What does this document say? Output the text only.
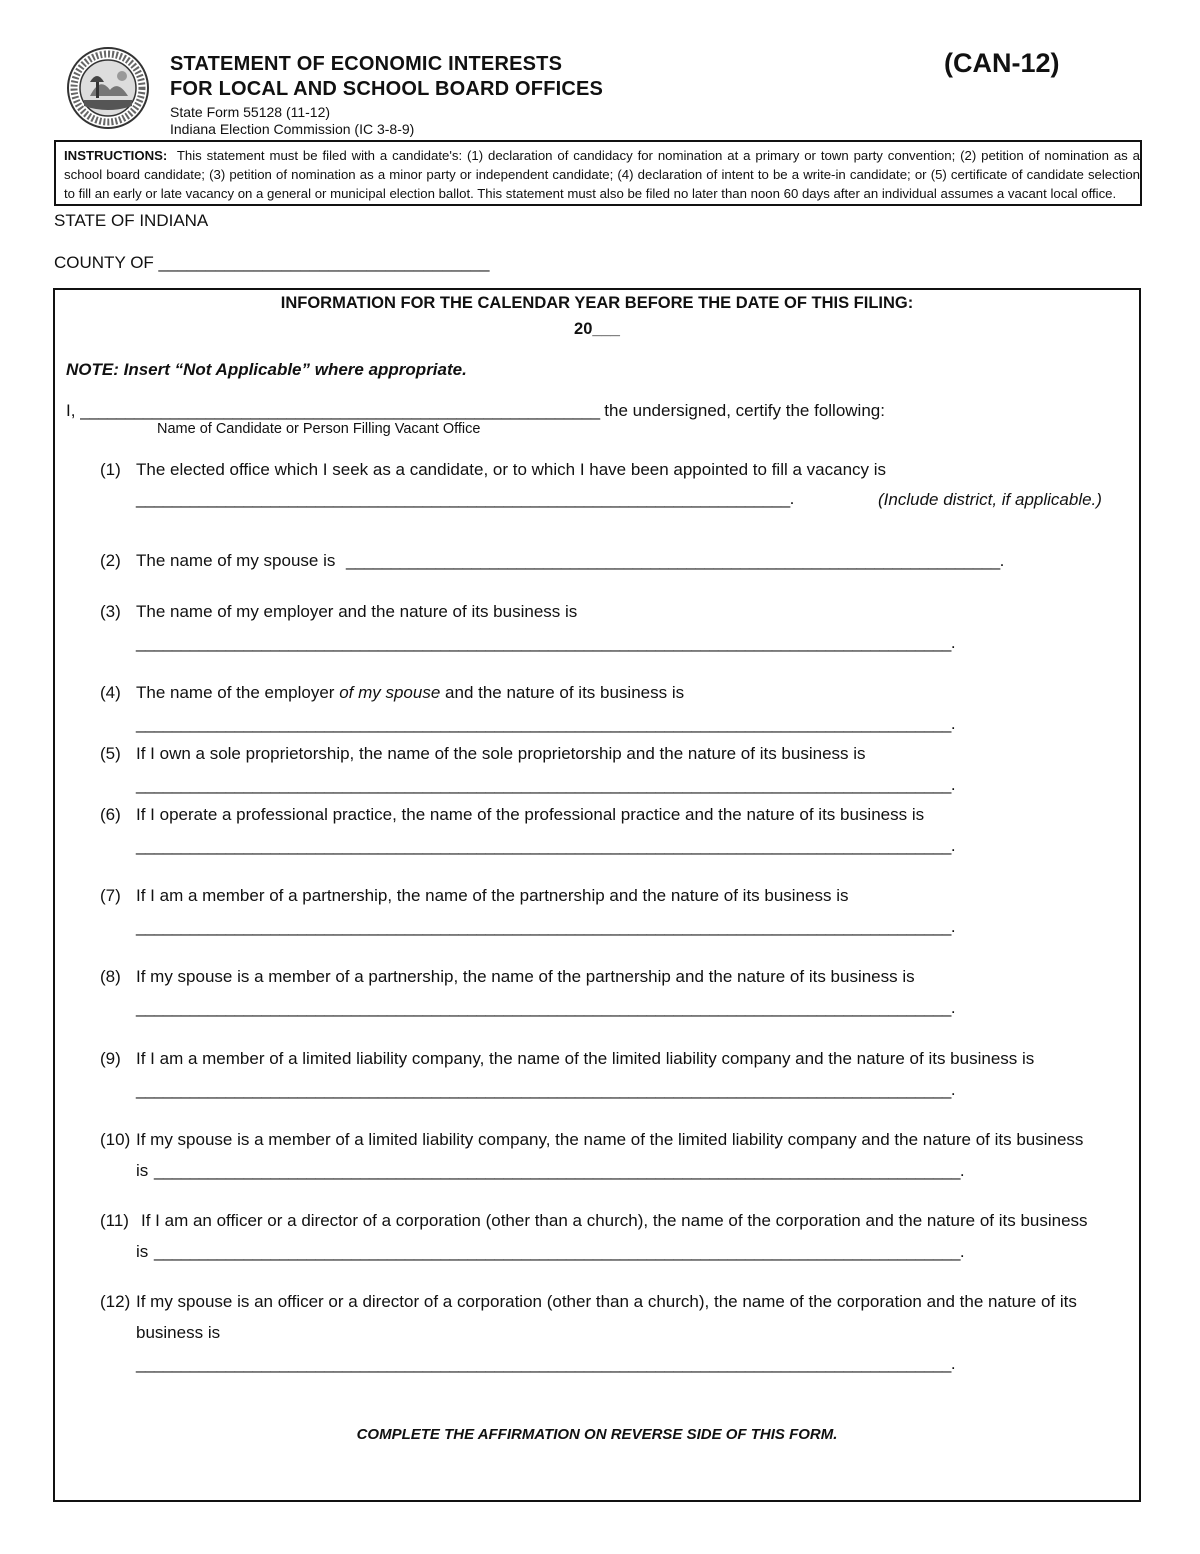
STATEMENT OF ECONOMIC INTERESTS
FOR LOCAL AND SCHOOL BOARD OFFICES
State Form 55128 (11-12)
Indiana Election Commission (IC 3-8-9)
(CAN-12)
INSTRUCTIONS: This statement must be filed with a candidate's: (1) declaration of candidacy for nomination at a primary or town party convention; (2) petition of nomination as a school board candidate; (3) petition of nomination as a minor party or independent candidate; (4) declaration of intent to be a write-in candidate; or (5) certificate of candidate selection to fill an early or late vacancy on a general or municipal election ballot. This statement must also be filed no later than noon 60 days after an individual assumes a vacant local office.
STATE OF INDIANA
COUNTY OF ___________________________________
INFORMATION FOR THE CALENDAR YEAR BEFORE THE DATE OF THIS FILING:
20___
NOTE: Insert “Not Applicable” where appropriate.
I, __________________________________________________________ the undersigned, certify the following:
Name of Candidate or Person Filling Vacant Office
(1) The elected office which I seek as a candidate, or to which I have been appointed to fill a vacancy is
_________________________________________________________________________.	(Include district, if applicable.)
(2) The name of my spouse is _________________________________________________________________________.
(3) The name of my employer and the nature of its business is
___________________________________________________________________________________________.
(4) The name of the employer of my spouse and the nature of its business is
___________________________________________________________________________________________.
(5) If I own a sole proprietorship, the name of the sole proprietorship and the nature of its business is
___________________________________________________________________________________________.
(6) If I operate a professional practice, the name of the professional practice and the nature of its business is
___________________________________________________________________________________________.
(7) If I am a member of a partnership, the name of the partnership and the nature of its business is
___________________________________________________________________________________________.
(8) If my spouse is a member of a partnership, the name of the partnership and the nature of its business is
___________________________________________________________________________________________.
(9) If I am a member of a limited liability company, the name of the limited liability company and the nature of its business is
___________________________________________________________________________________________.
(10) If my spouse is a member of a limited liability company, the name of the limited liability company and the nature of its business
is __________________________________________________________________________________________.
(11) If I am an officer or a director of a corporation (other than a church), the name of the corporation and the nature of its business
is __________________________________________________________________________________________.
(12) If my spouse is an officer or a director of a corporation (other than a church), the name of the corporation and the nature of its
business is
___________________________________________________________________________________________.
COMPLETE THE AFFIRMATION ON REVERSE SIDE OF THIS FORM.
